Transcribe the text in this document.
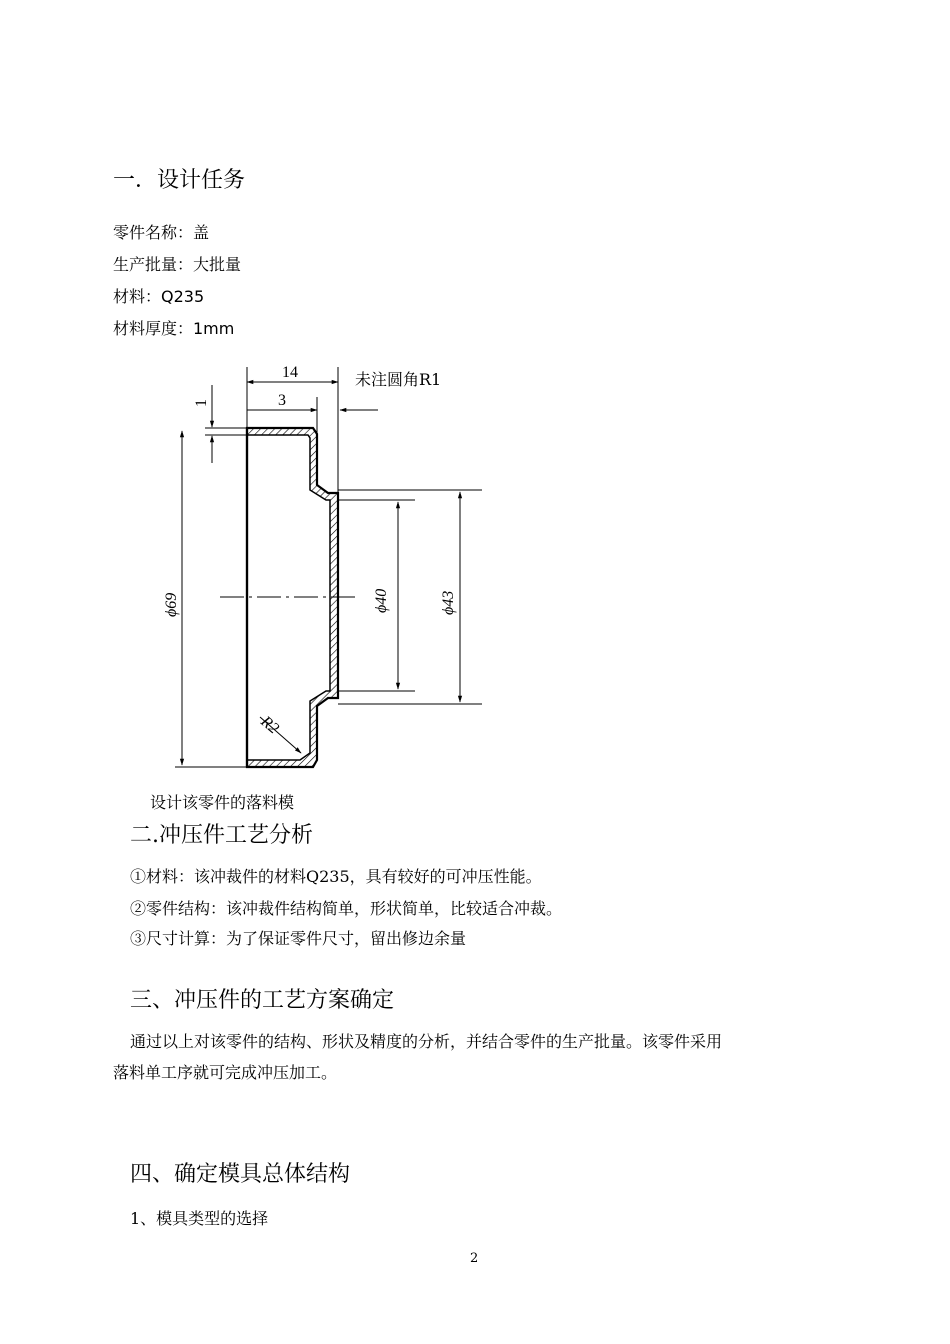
一．设计任务
零件名称：盖
生产批量：大批量
材料：Q235
材料厚度：1mm
14
3
未注圆角R1
1
ϕ69	ϕ40	ϕ43
R2
设计该零件的落料模
二.冲压件工艺分析
①材料：该冲裁件的材料Q235，具有较好的可冲压性能。
②零件结构：该冲裁件结构简单，形状简单，比较适合冲裁。
③尺寸计算：为了保证零件尺寸，留出修边余量
三、冲压件的工艺方案确定
通过以上对该零件的结构、形状及精度的分析，并结合零件的生产批量。该零件采用
落料单工序就可完成冲压加工。
四、确定模具总体结构
1、模具类型的选择
2
